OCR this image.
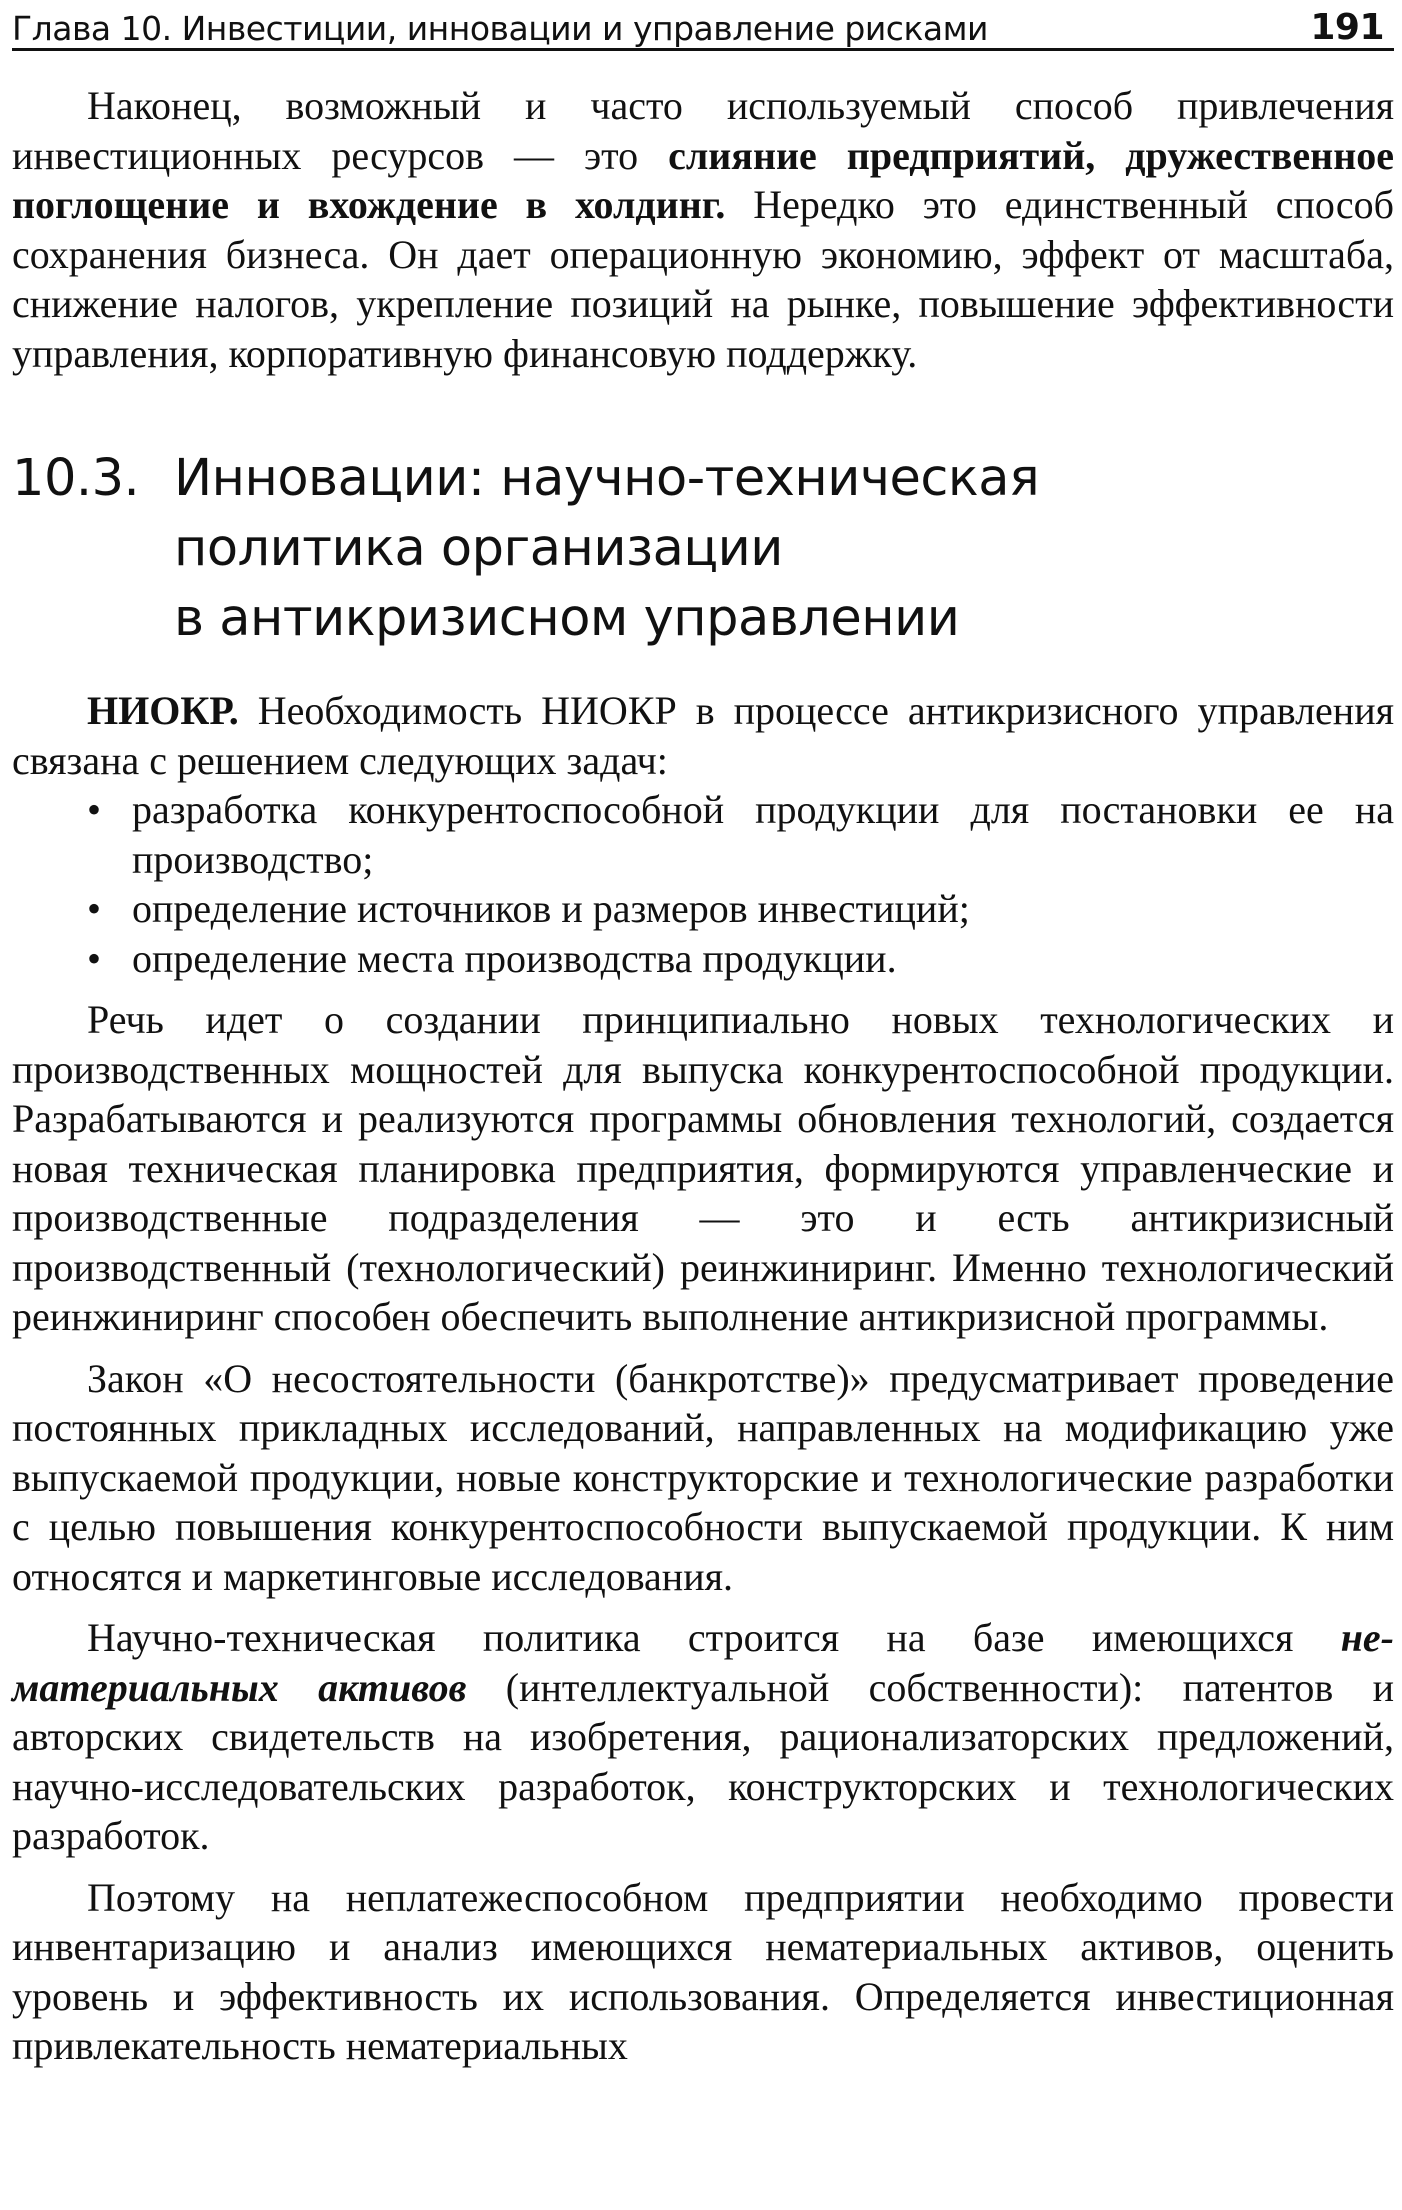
Глава 10. Инвестиции, инновации и управление рисками	191

Наконец, возможный и часто используемый способ привлечения инвестиционных ресурсов — это слияние предприятий, дружественное поглощение и вхождение в холдинг. Нередко это единственный способ сохранения бизнеса. Он дает операционную экономию, эффект от масштаба, снижение налогов, укрепление позиций на рынке, повышение эффективности управления, корпоративную финансовую поддержку.

10.3. Инновации: научно-техническая
политика организации
в антикризисном управлении

НИОКР. Необходимость НИОКР в процессе антикризисного управления связана с решением следующих задач:

• разработка конкурентоспособной продукции для постановки ее на производство;
• определение источников и размеров инвестиций;
• определение места производства продукции.

Речь идет о создании принципиально новых технологических и производственных мощностей для выпуска конкурентоспособной продукции. Разрабатываются и реализуются программы обновления технологий, создается новая техническая планировка предприятия, формируются управленческие и производственные подразделения — это и есть антикризисный производственный (технологический) реинжиниринг. Именно технологический реинжиниринг способен обеспечить выполнение антикризисной программы.

Закон «О несостоятельности (банкротстве)» предусматривает проведение постоянных прикладных исследований, направленных на модификацию уже выпускаемой продукции, новые конструкторские и технологические разработки с целью повышения конкурентоспособности выпускаемой продукции. К ним относятся и маркетинговые исследования.

Научно-техническая политика строится на базе имеющихся нематериальных активов (интеллектуальной собственности): патентов и авторских свидетельств на изобретения, рационализаторских предложений, научно-исследовательских разработок, конструкторских и технологических разработок.

Поэтому на неплатежеспособном предприятии необходимо провести инвентаризацию и анализ имеющихся нематериальных активов, оценить уровень и эффективность их использования. Определяется инвестиционная привлекательность нематериальных
